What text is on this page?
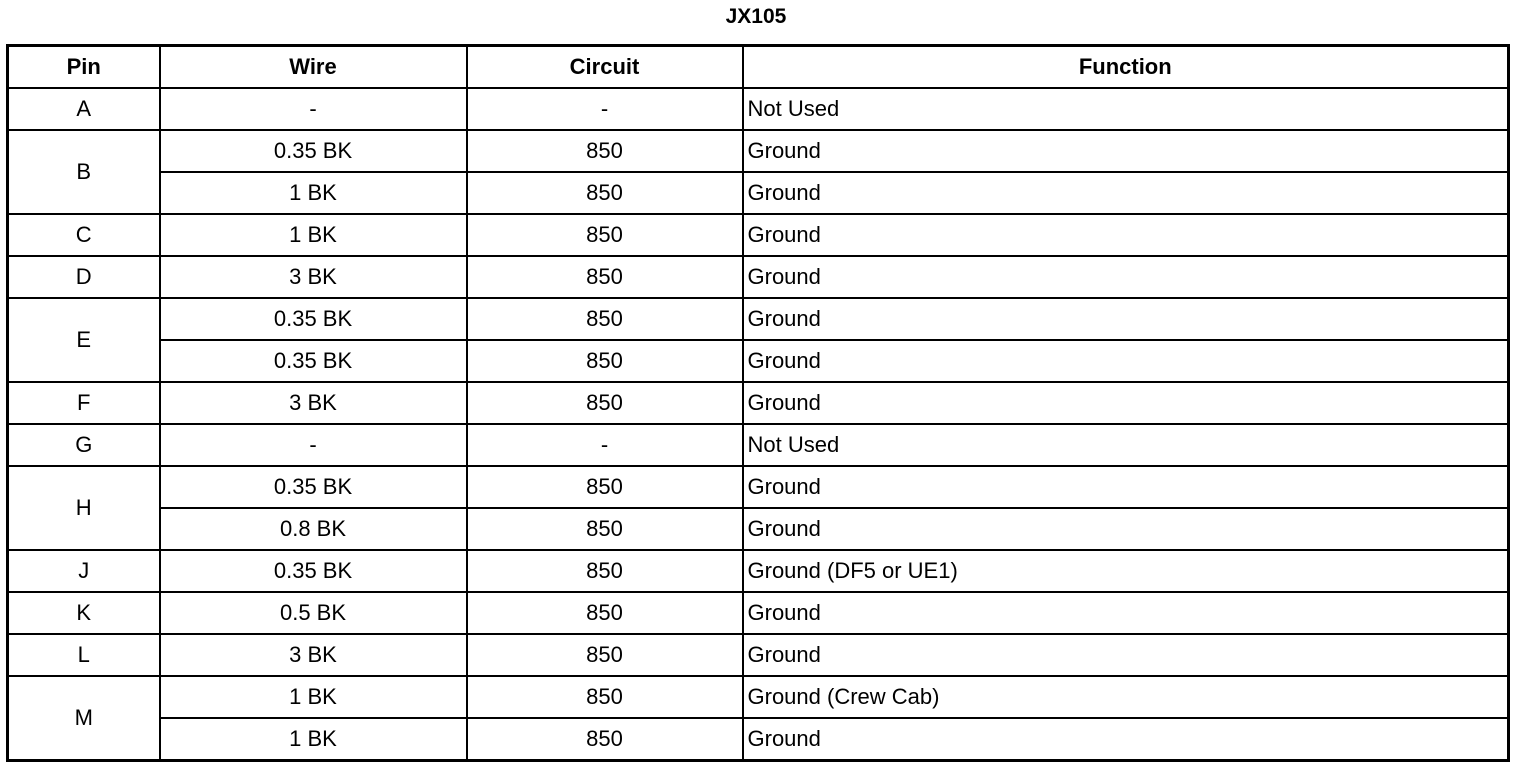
JX105
Pin	Wire	Circuit	Function
A	-	-	Not Used
B	0.35 BK	850	Ground
	1 BK	850	Ground
C	1 BK	850	Ground
D	3 BK	850	Ground
E	0.35 BK	850	Ground
	0.35 BK	850	Ground
F	3 BK	850	Ground
G	-	-	Not Used
H	0.35 BK	850	Ground
	0.8 BK	850	Ground
J	0.35 BK	850	Ground (DF5 or UE1)
K	0.5 BK	850	Ground
L	3 BK	850	Ground
M	1 BK	850	Ground (Crew Cab)
	1 BK	850	Ground
